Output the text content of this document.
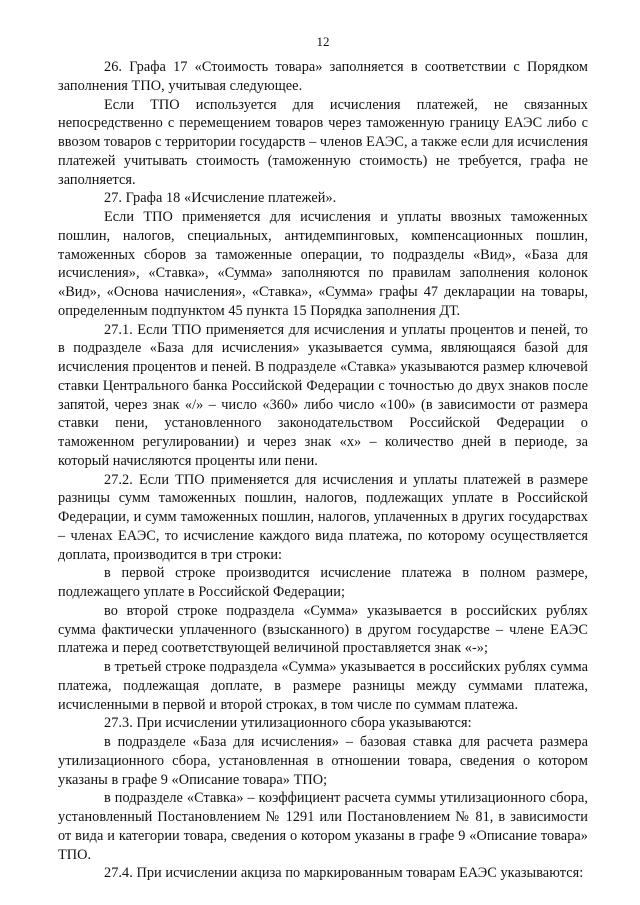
12

26. Графа 17 «Стоимость товара» заполняется в соответствии с Порядком заполнения ТПО, учитывая следующее.

Если ТПО используется для исчисления платежей, не связанных непосредственно с перемещением товаров через таможенную границу ЕАЭС либо с ввозом товаров с территории государств – членов ЕАЭС, а также если для исчисления платежей учитывать стоимость (таможенную стоимость) не требуется, графа не заполняется.

27. Графа 18 «Исчисление платежей».

Если ТПО применяется для исчисления и уплаты ввозных таможенных пошлин, налогов, специальных, антидемпинговых, компенсационных пошлин, таможенных сборов за таможенные операции, то подразделы «Вид», «База для исчисления», «Ставка», «Сумма» заполняются по правилам заполнения колонок «Вид», «Основа начисления», «Ставка», «Сумма» графы 47 декларации на товары, определенным подпунктом 45 пункта 15 Порядка заполнения ДТ.

27.1. Если ТПО применяется для исчисления и уплаты процентов и пеней, то в подразделе «База для исчисления» указывается сумма, являющаяся базой для исчисления процентов и пеней. В подразделе «Ставка» указываются размер ключевой ставки Центрального банка Российской Федерации с точностью до двух знаков после запятой, через знак «/» – число «360» либо число «100» (в зависимости от размера ставки пени, установленного законодательством Российской Федерации о таможенном регулировании) и через знак «х» – количество дней в периоде, за который начисляются проценты или пени.

27.2. Если ТПО применяется для исчисления и уплаты платежей в размере разницы сумм таможенных пошлин, налогов, подлежащих уплате в Российской Федерации, и сумм таможенных пошлин, налогов, уплаченных в других государствах – членах ЕАЭС, то исчисление каждого вида платежа, по которому осуществляется доплата, производится в три строки:

в первой строке производится исчисление платежа в полном размере, подлежащего уплате в Российской Федерации;

во второй строке подраздела «Сумма» указывается в российских рублях сумма фактически уплаченного (взысканного) в другом государстве – члене ЕАЭС платежа и перед соответствующей величиной проставляется знак «-»;

в третьей строке подраздела «Сумма» указывается в российских рублях сумма платежа, подлежащая доплате, в размере разницы между суммами платежа, исчисленными в первой и второй строках, в том числе по суммам платежа.

27.3. При исчислении утилизационного сбора указываются:

в подразделе «База для исчисления» – базовая ставка для расчета размера утилизационного сбора, установленная в отношении товара, сведения о котором указаны в графе 9 «Описание товара» ТПО;

в подразделе «Ставка» – коэффициент расчета суммы утилизационного сбора, установленный Постановлением № 1291 или Постановлением № 81, в зависимости от вида и категории товара, сведения о котором указаны в графе 9 «Описание товара» ТПО.

27.4. При исчислении акциза по маркированным товарам ЕАЭС указываются:
